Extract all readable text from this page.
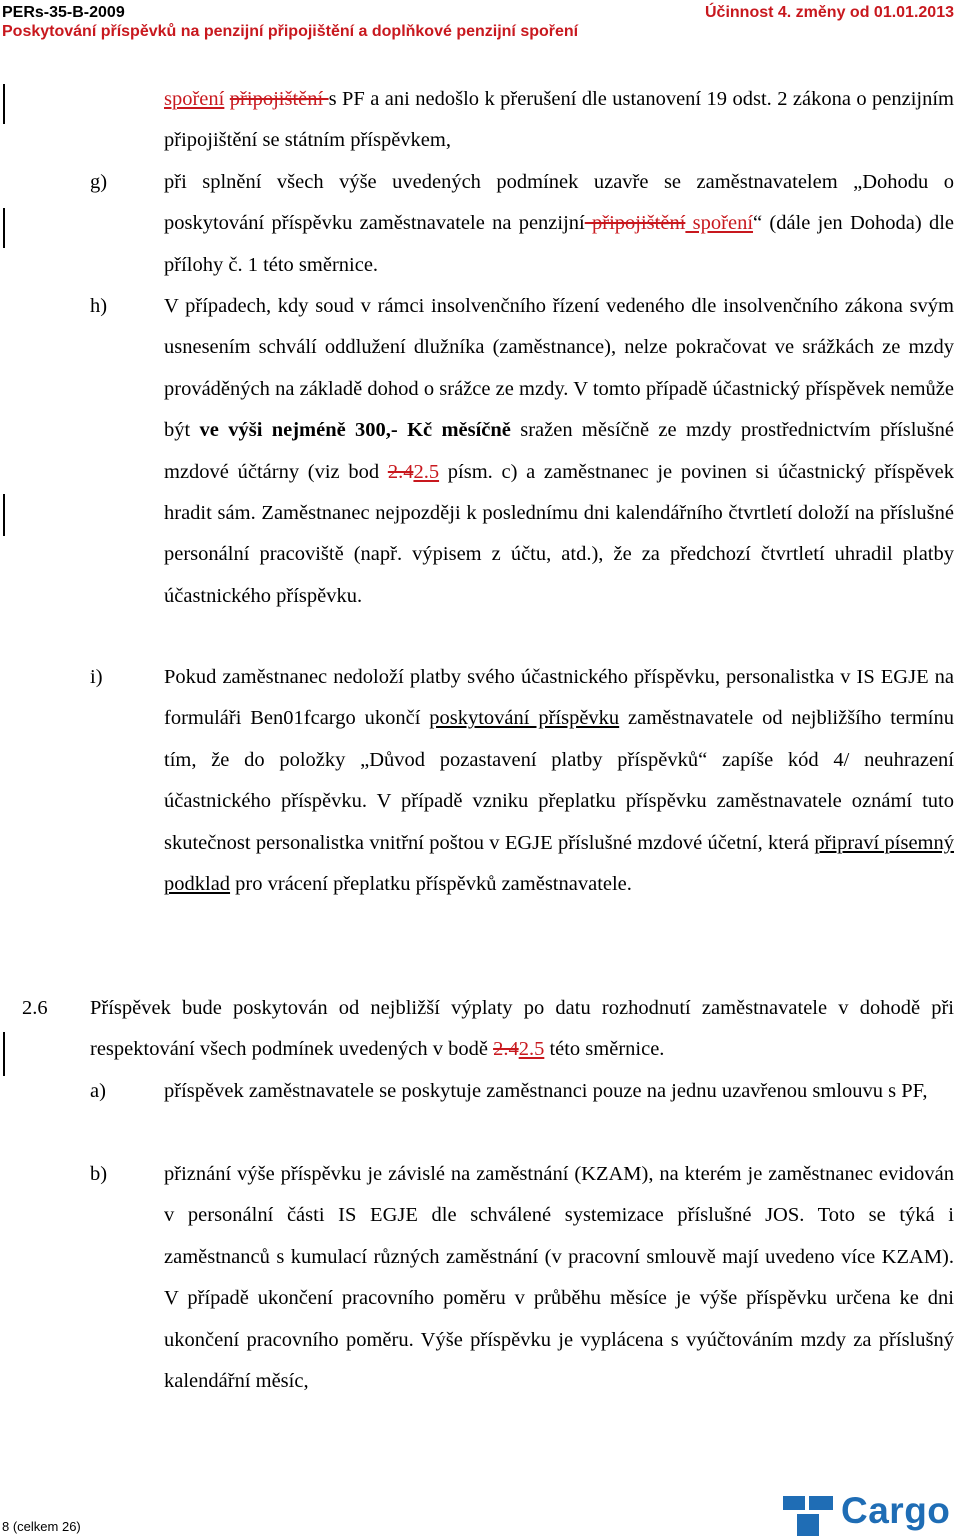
PERs-35-B-2009	Účinnost 4. změny od 01.01.2013
Poskytování příspěvků na penzijní připojištění a doplňkové penzijní spoření
spoření připojištění s PF a ani nedošlo k přerušení dle ustanovení 19 odst. 2 zákona o penzijním připojištění se státním příspěvkem,
g)	při splnění všech výše uvedených podmínek uzavře se zaměstnavatelem „Dohodu o poskytování příspěvku zaměstnavatele na penzijní připojištění spoření“ (dále jen Dohoda) dle přílohy č. 1 této směrnice.
h)	V případech, kdy soud v rámci insolvenčního řízení vedeného dle insolvenčního zákona svým usnesením schválí oddlužení dlužníka (zaměstnance), nelze pokračovat ve srážkách ze mzdy prováděných na základě dohod o srážce ze mzdy. V tomto případě účastnický příspěvek nemůže být ve výši nejméně 300,- Kč měsíčně sražen měsíčně ze mzdy prostřednictvím příslušné mzdové účtárny (viz bod 2.42.5 písm. c) a zaměstnanec je povinen si účastnický příspěvek hradit sám. Zaměstnanec nejpozději k poslednímu dni kalendářního čtvrtletí doloží na příslušné personální pracoviště (např. výpisem z účtu, atd.), že za předchozí čtvrtletí uhradil platby účastnického příspěvku.
i)	Pokud zaměstnanec nedoloží platby svého účastnického příspěvku, personalistka v IS EGJE na formuláři Ben01fcargo ukončí poskytování příspěvku zaměstnavatele od nejbližšího termínu tím, že do položky „Důvod pozastavení platby příspěvků“ zapíše kód 4/ neuhrazení účastnického příspěvku. V případě vzniku přeplatku příspěvku zaměstnavatele oznámí tuto skutečnost personalistka vnitřní poštou v EGJE příslušné mzdové účetní, která připraví písemný podklad pro vrácení přeplatku příspěvků zaměstnavatele.
2.6 Příspěvek bude poskytován od nejbližší výplaty po datu rozhodnutí zaměstnavatele v dohodě při respektování všech podmínek uvedených v bodě 2.42.5 této směrnice.
a)	příspěvek zaměstnavatele se poskytuje zaměstnanci pouze na jednu uzavřenou smlouvu s PF,
b)	přiznání výše příspěvku je závislé na zaměstnání (KZAM), na kterém je zaměstnanec evidován v personální části IS EGJE dle schválené systemizace příslušné JOS. Toto se týká i zaměstnanců s kumulací různých zaměstnání (v pracovní smlouvě mají uvedeno více KZAM). V případě ukončení pracovního poměru v průběhu měsíce je výše příspěvku určena ke dni ukončení pracovního poměru. Výše příspěvku je vyplácena s vyúčtováním mzdy za příslušný kalendářní měsíc,
8 (celkem 26)	Cargo
